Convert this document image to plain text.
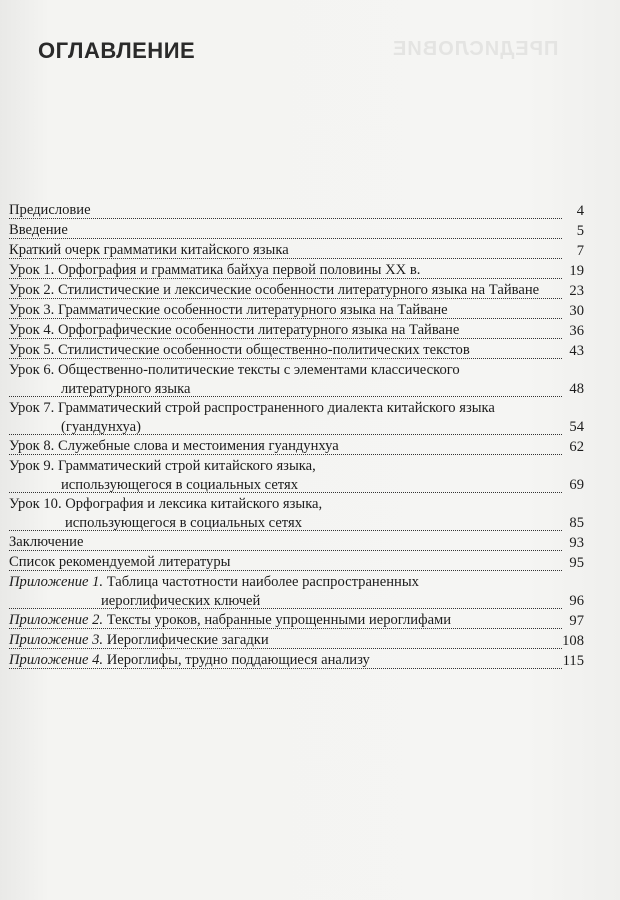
ПРЕДИСЛОВИЕ
ОГЛАВЛЕНИЕ
Предисловие	4
Введение	5
Краткий очерк грамматики китайского языка	7
Урок 1. Орфография и грамматика байхуа первой половины XX в.	19
Урок 2. Стилистические и лексические особенности литературного языка на Тайване	23
Урок 3. Грамматические особенности литературного языка на Тайване	30
Урок 4. Орфографические особенности литературного языка на Тайване	36
Урок 5. Стилистические особенности общественно-политических текстов	43
Урок 6. Общественно-политические тексты с элементами классического
литературного языка	48
Урок 7. Грамматический строй распространенного диалекта китайского языка
(гуандунхуа)	54
Урок 8. Служебные слова и местоимения гуандунхуа	62
Урок 9. Грамматический строй китайского языка,
использующегося в социальных сетях	69
Урок 10. Орфография и лексика китайского языка,
использующегося в социальных сетях	85
Заключение	93
Список рекомендуемой литературы	95
Приложение 1. Таблица частотности наиболее распространенных
иероглифических ключей	96
Приложение 2. Тексты уроков, набранные упрощенными иероглифами	97
Приложение 3. Иероглифические загадки	108
Приложение 4. Иероглифы, трудно поддающиеся анализу	115
